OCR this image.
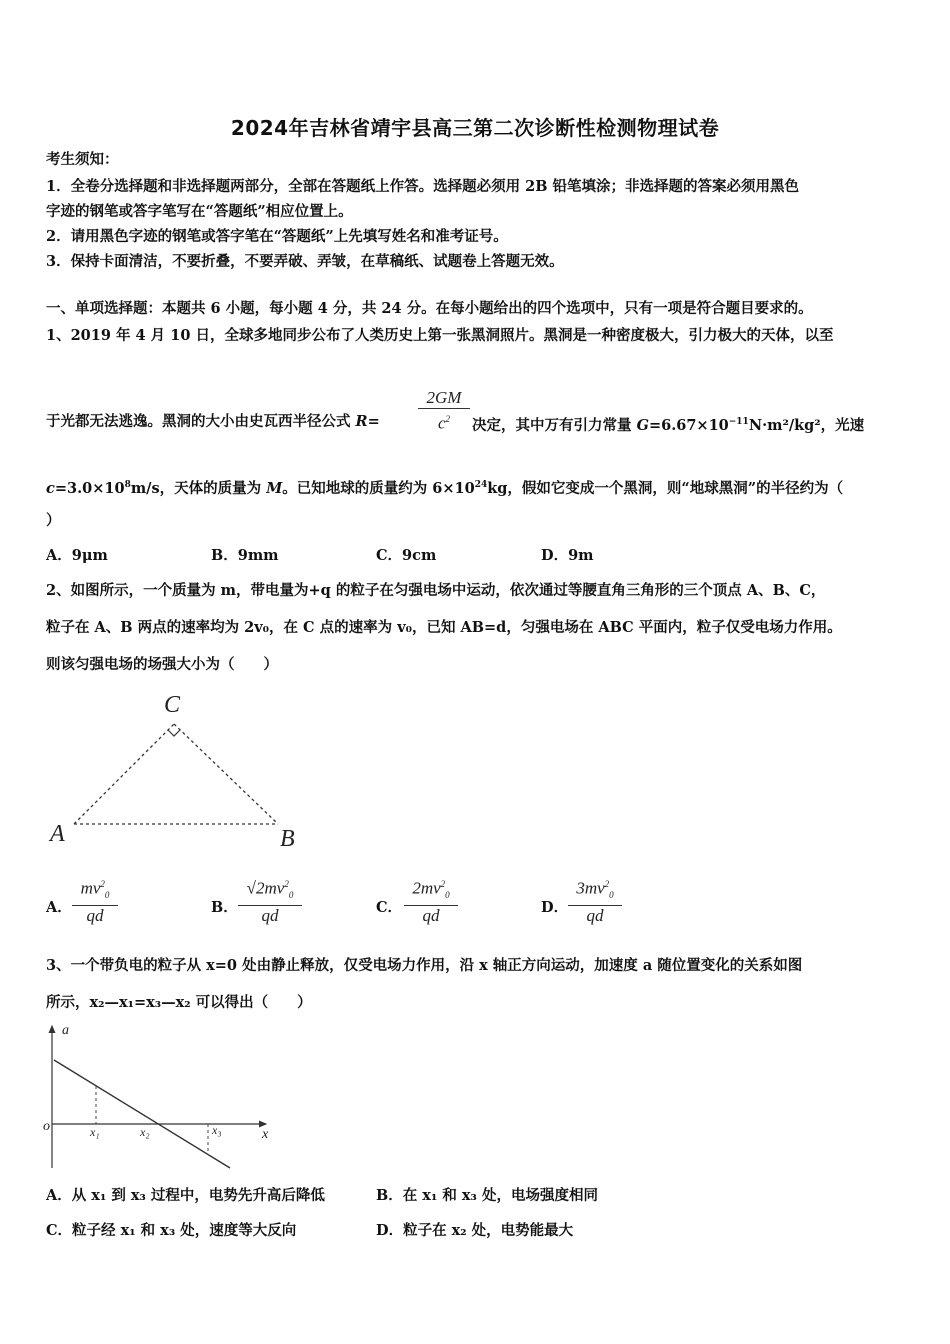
2024年吉林省靖宇县高三第二次诊断性检测物理试卷
考生须知：
1．全卷分选择题和非选择题两部分，全部在答题纸上作答。选择题必须用 2B 铅笔填涂；非选择题的答案必须用黑色
字迹的钢笔或答字笔写在“答题纸”相应位置上。
2．请用黑色字迹的钢笔或答字笔在“答题纸”上先填写姓名和准考证号。
3．保持卡面清洁，不要折叠，不要弄破、弄皱，在草稿纸、试题卷上答题无效。
一、单项选择题：本题共 6 小题，每小题 4 分，共 24 分。在每小题给出的四个选项中，只有一项是符合题目要求的。
1、2019 年 4 月 10 日，全球多地同步公布了人类历史上第一张黑洞照片。黑洞是一种密度极大，引力极大的天体，以至
于光都无法逃逸。黑洞的大小由史瓦西半径公式 $R= \frac{2GM}{c^2}$ 决定，其中万有引力常量 $G=6.67\times 10^{-11}N\cdot m^2$/kg²，光速
$c=3.0\times 10^8m/s$，天体的质量为 M。已知地球的质量约为 $6\times 10^{24}kg$，假如它变成一个黑洞，则“地球黑洞”的半径约为（
）
A．9μm	B．9mm	C．9cm	D．9m
2、如图所示，一个质量为 m，带电量为+q 的粒子在匀强电场中运动，依次通过等腰直角三角形的三个顶点 A、B、C，
粒子在 A、B 两点的速率均为 2v₀，在 C 点的速率为 v₀，已知 AB=d，匀强电场在 ABC 平面内，粒子仅受电场力作用。
则该匀强电场的场强大小为（　　）
C
A	B
A． $\frac{mv^2_0}{qd}$	B． $\frac{√2mv^2_0}{qd}$	C． $\frac{2mv^2_0}{qd}$	D． $\frac{3mv^2_0}{qd}$
3、一个带负电的粒子从 x=0 处由静止释放，仅受电场力作用，沿 x 轴正方向运动，加速度 a 随位置变化的关系如图
所示，x₂—x₁=x₃—x₂ 可以得出（　　）
a
o
x
x₁	x₂	x₃
A．从 x₁ 到 x₃ 过程中，电势先升高后降低	B．在 x₁ 和 x₃ 处，电场强度相同
C．粒子经 x₁ 和 x₃ 处，速度等大反向	D．粒子在 x₂ 处，电势能最大
